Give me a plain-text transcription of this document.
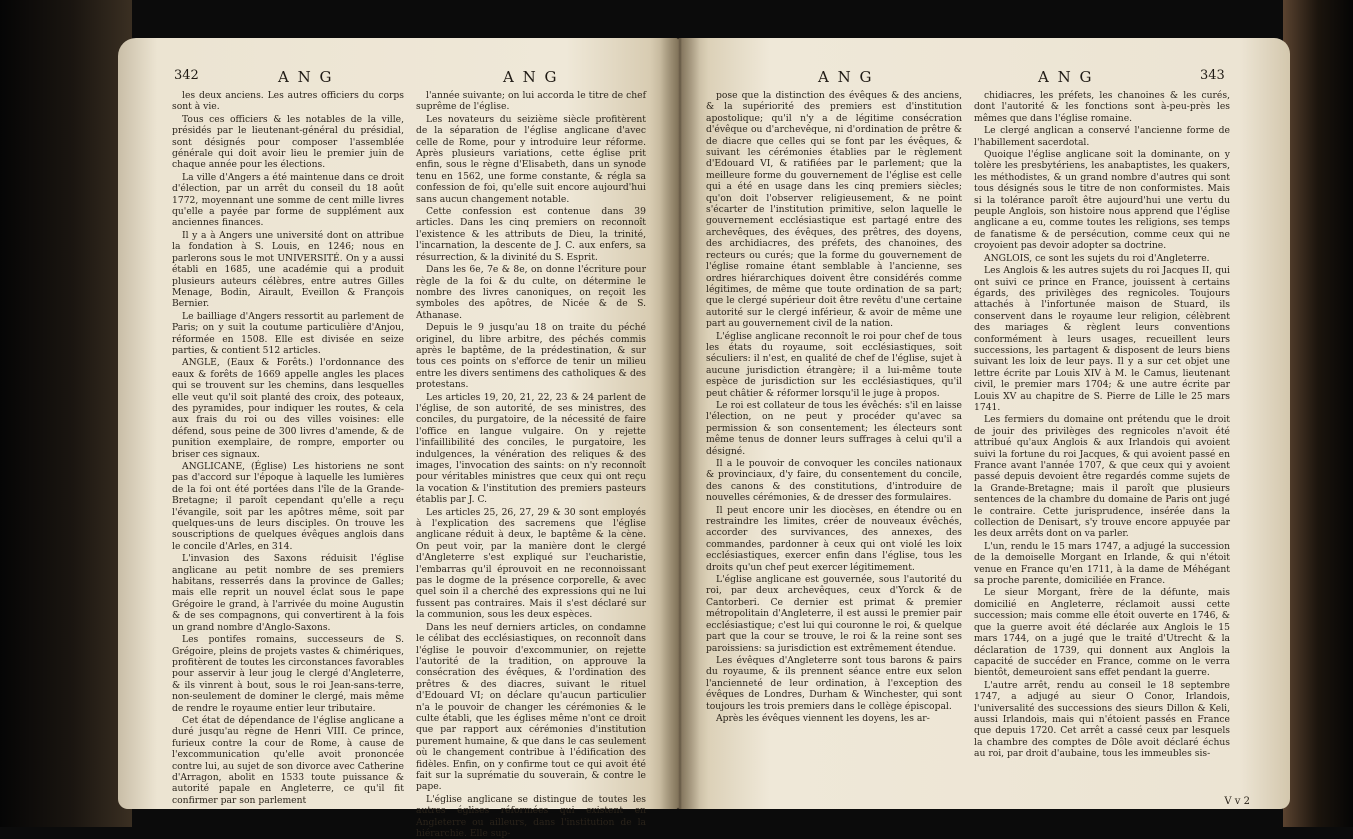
342	A N G	A N G

les deux anciens. Les autres officiers du corps sont à vie.

Tous ces officiers & les notables de la ville, présidés par le lieutenant-général du présidial, sont désignés pour composer l'assemblée générale qui doit avoir lieu le premier juin de chaque année pour les élections.

La ville d'Angers a été maintenue dans ce droit d'élection, par un arrêt du conseil du 18 août 1772, moyennant une somme de cent mille livres qu'elle a payée par forme de supplément aux anciennes finances.

Il y a à Angers une université dont on attribue la fondation à S. Louis, en 1246; nous en parlerons sous le mot UNIVERSITÉ. On y a aussi établi en 1685, une académie qui a produit plusieurs auteurs célèbres, entre autres Gilles Menage, Bodin, Airault, Eveillon & François Bernier.

Le bailliage d'Angers ressortit au parlement de Paris; on y suit la coutume particulière d'Anjou, réformée en 1508. Elle est divisée en seize parties, & contient 512 articles.

ANGLE, (Eaux & Forêts.) l'ordonnance des eaux & forêts de 1669 appelle angles les places qui se trouvent sur les chemins, dans lesquelles elle veut qu'il soit planté des croix, des poteaux, des pyramides, pour indiquer les routes, & cela aux frais du roi ou des villes voisines: elle défend, sous peine de 300 livres d'amende, & de punition exemplaire, de rompre, emporter ou briser ces signaux.

ANGLICANE, (Église) Les historiens ne sont pas d'accord sur l'époque à laquelle les lumières de la foi ont été portées dans l'île de la Grande-Bretagne; il paroît cependant qu'elle a reçu l'évangile, soit par les apôtres même, soit par quelques-uns de leurs disciples. On trouve les souscriptions de quelques évêques anglois dans le concile d'Arles, en 314.

L'invasion des Saxons réduisit l'église anglicane au petit nombre de ses premiers habitans, resserrés dans la province de Galles; mais elle reprit un nouvel éclat sous le pape Grégoire le grand, à l'arrivée du moine Augustin & de ses compagnons, qui convertirent à la fois un grand nombre d'Anglo-Saxons.

Les pontifes romains, successeurs de S. Grégoire, pleins de projets vastes & chimériques, profitèrent de toutes les circonstances favorables pour asservir à leur joug le clergé d'Angleterre, & ils vinrent à bout, sous le roi Jean-sans-terre, non-seulement de dominer le clergé, mais même de rendre le royaume entier leur tributaire.

Cet état de dépendance de l'église anglicane a duré jusqu'au règne de Henri VIII. Ce prince, furieux contre la cour de Rome, à cause de l'excommunication qu'elle avoit prononcée contre lui, au sujet de son divorce avec Catherine d'Arragon, abolit en 1533 toute puissance & autorité papale en Angleterre, ce qu'il fit confirmer par son parlement

l'année suivante; on lui accorda le titre de chef suprême de l'église.

Les novateurs du seizième siècle profitèrent de la séparation de l'église anglicane d'avec celle de Rome, pour y introduire leur réforme. Après plusieurs variations, cette église prit enfin, sous le règne d'Elisabeth, dans un synode tenu en 1562, une forme constante, & régla sa confession de foi, qu'elle suit encore aujourd'hui sans aucun changement notable.

Cette confession est contenue dans 39 articles. Dans les cinq premiers on reconnoît l'existence & les attributs de Dieu, la trinité, l'incarnation, la descente de J. C. aux enfers, sa résurrection, & la divinité du S. Esprit.

Dans les 6e, 7e & 8e, on donne l'écriture pour règle de la foi & du culte, on détermine le nombre des livres canoniques, on reçoit les symboles des apôtres, de Nicée & de S. Athanase.

Depuis le 9 jusqu'au 18 on traite du péché originel, du libre arbitre, des péchés commis après le baptême, de la prédestination, & sur tous ces points on s'efforce de tenir un milieu entre les divers sentimens des catholiques & des protestans.

Les articles 19, 20, 21, 22, 23 & 24 parlent de l'église, de son autorité, de ses ministres, des conciles, du purgatoire, de la nécessité de faire l'office en langue vulgaire. On y rejette l'infaillibilité des conciles, le purgatoire, les indulgences, la vénération des reliques & des images, l'invocation des saints: on n'y reconnoît pour véritables ministres que ceux qui ont reçu la vocation & l'institution des premiers pasteurs établis par J. C.

Les articles 25, 26, 27, 29 & 30 sont employés à l'explication des sacremens que l'église anglicane réduit à deux, le baptême & la cène. On peut voir, par la manière dont le clergé d'Angleterre s'est expliqué sur l'eucharistie, l'embarras qu'il éprouvoit en ne reconnoissant pas le dogme de la présence corporelle, & avec quel soin il a cherché des expressions qui ne lui fussent pas contraires. Mais il s'est déclaré sur la communion, sous les deux espèces.

Dans les neuf derniers articles, on condamne le célibat des ecclésiastiques, on reconnoît dans l'église le pouvoir d'excommunier, on rejette l'autorité de la tradition, on approuve la consécration des évêques, & l'ordination des prêtres & des diacres, suivant le rituel d'Edouard VI; on déclare qu'aucun particulier n'a le pouvoir de changer les cérémonies & le culte établi, que les églises même n'ont ce droit que par rapport aux cérémonies d'institution purement humaine, & que dans le cas seulement où le changement contribue à l'édification des fidèles. Enfin, on y confirme tout ce qui avoit été fait sur la suprématie du souverain, & contre le pape.

L'église anglicane se distingue de toutes les autres églises réformées qui existent en Angleterre ou ailleurs, dans l'institution de la hiérarchie. Elle sup-

A N G	A N G	343

pose que la distinction des évêques & des anciens, & la supériorité des premiers est d'institution apostolique; qu'il n'y a de légitime consécration d'évêque ou d'archevêque, ni d'ordination de prêtre & de diacre que celles qui se font par les évêques, & suivant les cérémonies établies par le règlement d'Edouard VI, & ratifiées par le parlement; que la meilleure forme du gouvernement de l'église est celle qui a été en usage dans les cinq premiers siècles; qu'on doit l'observer religieusement, & ne point s'écarter de l'institution primitive, selon laquelle le gouvernement ecclésiastique est partagé entre des archevêques, des évêques, des prêtres, des doyens, des archidiacres, des préfets, des chanoines, des recteurs ou curés; que la forme du gouvernement de l'église romaine étant semblable à l'ancienne, ses ordres hiérarchiques doivent être considérés comme légitimes, de même que toute ordination de sa part; que le clergé supérieur doit être revêtu d'une certaine autorité sur le clergé inférieur, & avoir de même une part au gouvernement civil de la nation.

L'église anglicane reconnoît le roi pour chef de tous les états du royaume, soit ecclésiastiques, soit séculiers: il n'est, en qualité de chef de l'église, sujet à aucune jurisdiction étrangère; il a lui-même toute espèce de jurisdiction sur les ecclésiastiques, qu'il peut châtier & réformer lorsqu'il le juge à propos.

Le roi est collateur de tous les évêchés: s'il en laisse l'élection, on ne peut y procéder qu'avec sa permission & son consentement; les électeurs sont même tenus de donner leurs suffrages à celui qu'il a désigné.

Il a le pouvoir de convoquer les conciles nationaux & provinciaux, d'y faire, du consentement du concile, des canons & des constitutions, d'introduire de nouvelles cérémonies, & de dresser des formulaires.

Il peut encore unir les diocèses, en étendre ou en restraindre les limites, créer de nouveaux évêchés, accorder des survivances, des annexes, des commandes, pardonner à ceux qui ont violé les loix ecclésiastiques, exercer enfin dans l'église, tous les droits qu'un chef peut exercer légitimement.

L'église anglicane est gouvernée, sous l'autorité du roi, par deux archevêques, ceux d'Yorck & de Cantorberi. Ce dernier est primat & premier métropolitain d'Angleterre, il est aussi le premier pair ecclésiastique; c'est lui qui couronne le roi, & quelque part que la cour se trouve, le roi & la reine sont ses paroissiens: sa jurisdiction est extrêmement étendue.

Les évêques d'Angleterre sont tous barons & pairs du royaume, & ils prennent séance entre eux selon l'ancienneté de leur ordination, à l'exception des évêques de Londres, Durham & Winchester, qui sont toujours les trois premiers dans le collège épiscopal.

Après les évêques viennent les doyens, les ar-

chidiacres, les préfets, les chanoines & les curés, dont l'autorité & les fonctions sont à-peu-près les mêmes que dans l'église romaine.

Le clergé anglican a conservé l'ancienne forme de l'habillement sacerdotal.

Quoique l'église anglicane soit la dominante, on y tolère les presbytériens, les anabaptistes, les quakers, les méthodistes, & un grand nombre d'autres qui sont tous désignés sous le titre de non conformistes. Mais si la tolérance paroît être aujourd'hui une vertu du peuple Anglois, son histoire nous apprend que l'église anglicane a eu, comme toutes les religions, ses temps de fanatisme & de persécution, comme ceux qui ne croyoient pas devoir adopter sa doctrine.

ANGLOIS, ce sont les sujets du roi d'Angleterre.

Les Anglois & les autres sujets du roi Jacques II, qui ont suivi ce prince en France, jouissent à certains égards, des privilèges des regnicoles. Toujours attachés à l'infortunée maison de Stuard, ils conservent dans le royaume leur religion, célèbrent des mariages & règlent leurs conventions conformément à leurs usages, recueillent leurs successions, les partagent & disposent de leurs biens suivant les loix de leur pays. Il y a sur cet objet une lettre écrite par Louis XIV à M. le Camus, lieutenant civil, le premier mars 1704; & une autre écrite par Louis XV au chapitre de S. Pierre de Lille le 25 mars 1741.

Les fermiers du domaine ont prétendu que le droit de jouir des privilèges des regnicoles n'avoit été attribué qu'aux Anglois & aux Irlandois qui avoient suivi la fortune du roi Jacques, & qui avoient passé en France avant l'année 1707, & que ceux qui y avoient passé depuis devoient être regardés comme sujets de la Grande-Bretagne; mais il paroît que plusieurs sentences de la chambre du domaine de Paris ont jugé le contraire. Cette jurisprudence, insérée dans la collection de Denisart, s'y trouve encore appuyée par les deux arrêts dont on va parler.

L'un, rendu le 15 mars 1747, a adjugé la succession de la demoiselle Morgant en Irlande, & qui n'étoit venue en France qu'en 1711, à la dame de Méhégant sa proche parente, domiciliée en France.

Le sieur Morgant, frère de la défunte, mais domicilié en Angleterre, réclamoit aussi cette succession; mais comme elle étoit ouverte en 1746, & que la guerre avoit été déclarée aux Anglois le 15 mars 1744, on a jugé que le traité d'Utrecht & la déclaration de 1739, qui donnent aux Anglois la capacité de succéder en France, comme on le verra bientôt, demeuroient sans effet pendant la guerre.

L'autre arrêt, rendu au conseil le 18 septembre 1747, a adjugé au sieur O Conor, Irlandois, l'universalité des successions des sieurs Dillon & Keli, aussi Irlandois, mais qui n'étoient passés en France que depuis 1720. Cet arrêt a cassé ceux par lesquels la chambre des comptes de Dôle avoit déclaré échus au roi, par droit d'aubaine, tous les immeubles sis-

V v 2
